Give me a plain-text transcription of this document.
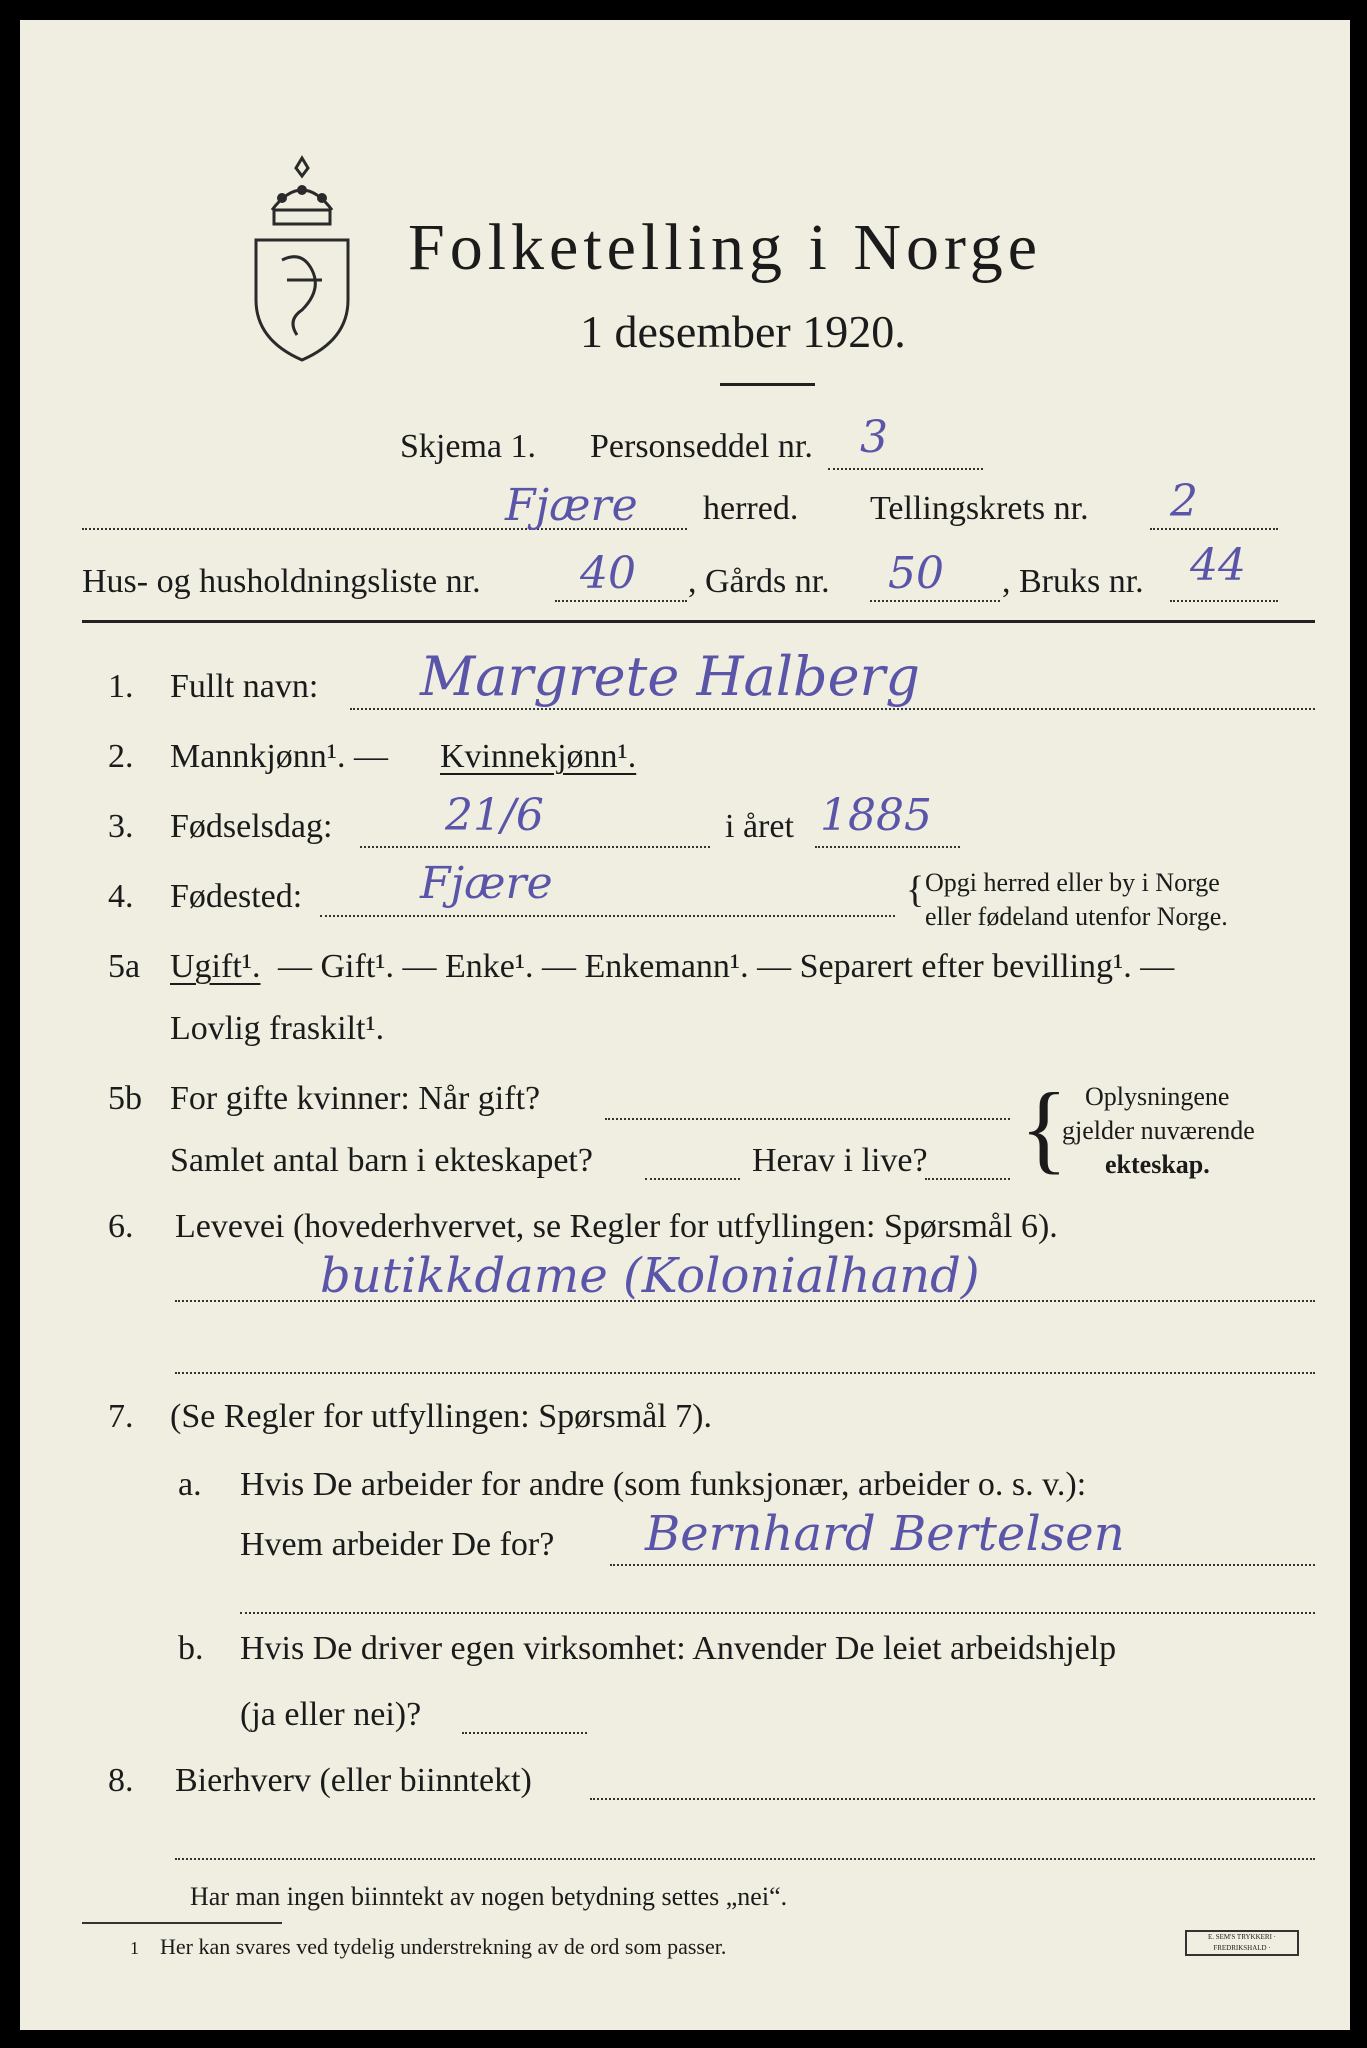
Folketelling i Norge
1 desember 1920.
Skjema 1. Personseddel nr. 3
Fjære herred. Tellingskrets nr. 2
Hus- og husholdningsliste nr. 40 , Gårds nr. 50 , Bruks nr. 44
1. Fullt navn: Margrete Halberg
2. Mannkjønn¹. — Kvinnekjønn¹.
3. Fødselsdag:	21/6	i året 1885
4. Fødested:	Fjære	{ Opgi herred eller by i Norge
eller fødeland utenfor Norge.
5a Ugift¹. — Gift¹. — Enke¹. — Enkemann¹. — Separert efter bevilling¹. —
Lovlig fraskilt¹.
5b For gifte kvinner: Når gift?
Samlet antal barn i ekteskapet?	Herav i live? { Oplysningene
gjelder nuværende
ekteskap.
6. Levevei (hovederhvervet, se Regler for utfyllingen: Spørsmål 6).
butikkdame (Kolonialhand)
7. (Se Regler for utfyllingen: Spørsmål 7).
a. Hvis De arbeider for andre (som funksjonær, arbeider o. s. v.):
Hvem arbeider De for? Bernhard Bertelsen
b. Hvis De driver egen virksomhet: Anvender De leiet arbeidshjelp
(ja eller nei)?
8. Bierhverv (eller biinntekt)
Har man ingen biinntekt av nogen betydning settes „nei“.
1 Her kan svares ved tydelig understrekning av de ord som passer.	E. SEM'S TRYKKERI · FREDRIKSHALD ·
